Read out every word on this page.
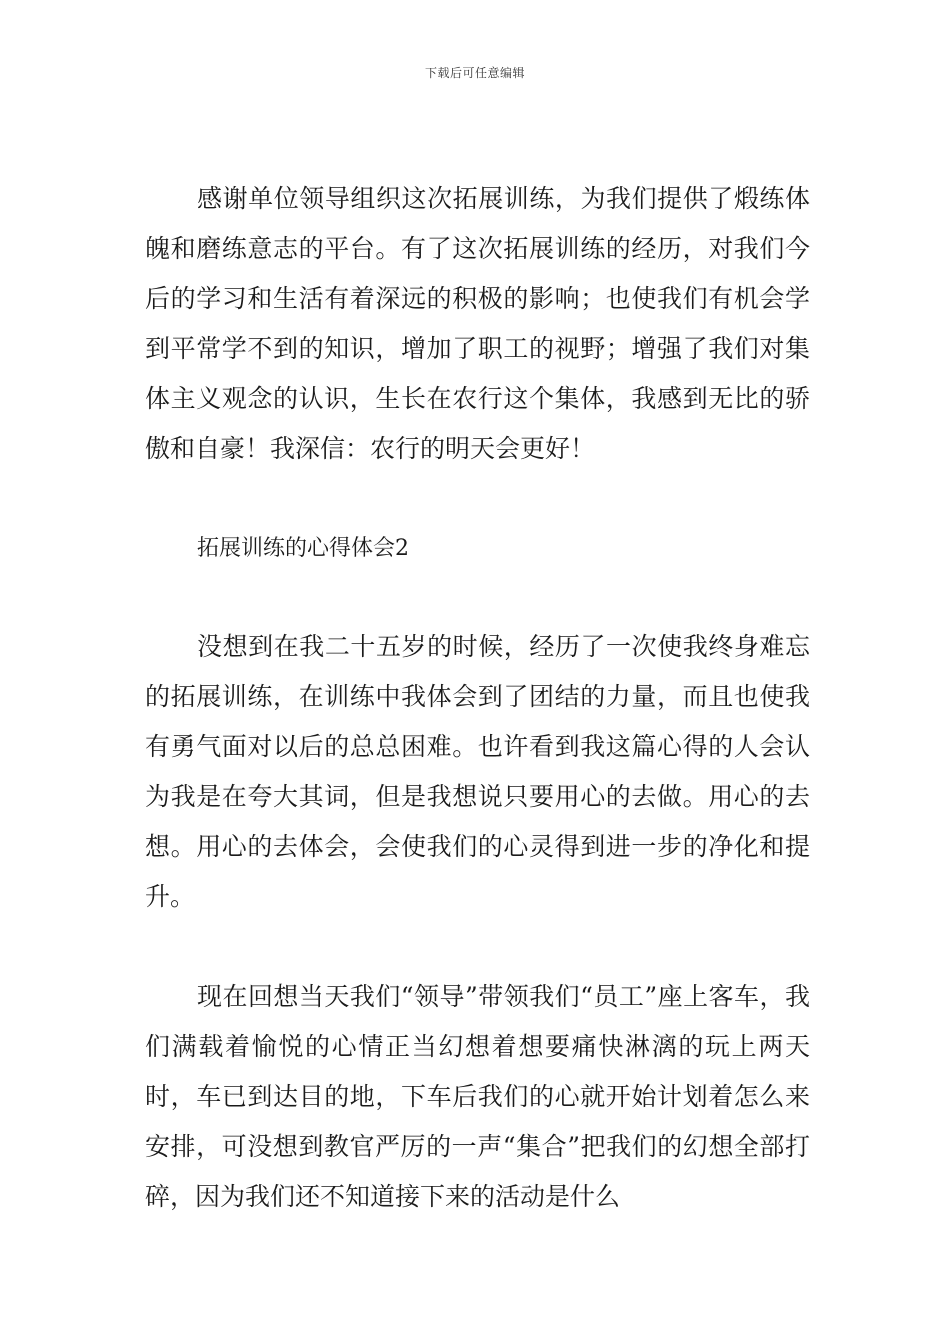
下载后可任意编辑

感谢单位领导组织这次拓展训练，为我们提供了煅练体魄和磨练意志的平台。有了这次拓展训练的经历，对我们今后的学习和生活有着深远的积极的影响；也使我们有机会学到平常学不到的知识，增加了职工的视野；增强了我们对集体主义观念的认识，生长在农行这个集体，我感到无比的骄傲和自豪！我深信：农行的明天会更好！

拓展训练的心得体会2

没想到在我二十五岁的时候，经历了一次使我终身难忘的拓展训练，在训练中我体会到了团结的力量，而且也使我有勇气面对以后的总总困难。也许看到我这篇心得的人会认为我是在夸大其词，但是我想说只要用心的去做。用心的去想。用心的去体会，会使我们的心灵得到进一步的净化和提升。

现在回想当天我们“领导”带领我们“员工”座上客车，我们满载着愉悦的心情正当幻想着想要痛快淋漓的玩上两天时，车已到达目的地，下车后我们的心就开始计划着怎么来安排，可没想到教官严厉的一声“集合”把我们的幻想全部打碎，因为我们还不知道接下来的活动是什么
